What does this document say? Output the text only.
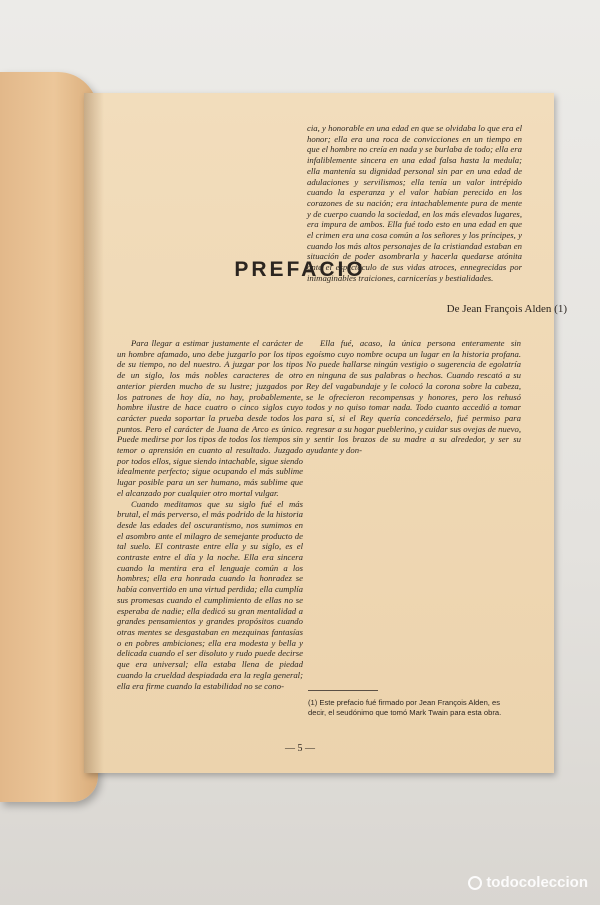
cia, y honorable en una edad en que se olvidaba lo que era el honor; ella era una roca de convicciones en un tiempo en que el hombre no creía en nada y se burlaba de todo; ella era infaliblemente sincera en una edad falsa hasta la medula; ella mantenía su dignidad personal sin par en una edad de adulaciones y servilismos; ella tenía un valor intrépido cuando la esperanza y el valor habían perecido en los corazones de su nación; era intachablemente pura de mente y de cuerpo cuando la sociedad, en los más elevados lugares, era impura de ambos. Ella fué todo esto en una edad en que el crimen era una cosa común a los señores y los príncipes, y cuando los más altos personajes de la cristiandad estaban en situación de poder asombrarla y hacerla quedarse atónita ante el espectáculo de sus vidas atroces, ennegrecidas por inimaginables traiciones, carnicerías y bestialidades.

PREFACIO
De Jean François Alden (1)

Para llegar a estimar justamente el carácter de un hombre afamado, uno debe juzgarlo por los tipos de su tiempo, no del nuestro. A juzgar por los tipos de un siglo, los más nobles caracteres de otro anterior pierden mucho de su lustre; juzgados por los patrones de hoy día, no hay, probablemente, hombre ilustre de hace cuatro o cinco siglos cuyo carácter pueda soportar la prueba desde todos los puntos. Pero el carácter de Juana de Arco es único. Puede medirse por los tipos de todos los tiempos sin temor o aprensión en cuanto al resultado. Juzgado por todos ellos, sigue siendo intachable, sigue siendo idealmente perfecto; sigue ocupando el más sublime lugar posible para un ser humano, más sublime que el alcanzado por cualquier otro mortal vulgar.

Cuando meditamos que su siglo fué el más brutal, el más perverso, el más podrido de la historia desde las edades del oscurantismo, nos sumimos en el asombro ante el milagro de semejante producto de tal suelo. El contraste entre ella y su siglo, es el contraste entre el día y la noche. Ella era sincera cuando la mentira era el lenguaje común a los hombres; ella era honrada cuando la honradez se había convertido en una virtud perdida; ella cumplía sus promesas cuando el cumplimiento de ellas no se esperaba de nadie; ella dedicó su gran mentalidad a grandes pensamientos y grandes propósitos cuando otras mentes se desgastaban en mezquinas fantasías o en pobres ambiciones; ella era modesta y bella y delicada cuando el ser disoluto y rudo puede decirse que era universal; ella estaba llena de piedad cuando la crueldad despiadada era la regla general; ella era firme cuando la estabilidad no se cono-

Ella fué, acaso, la única persona enteramente sin egoísmo cuyo nombre ocupa un lugar en la historia profana. No puede hallarse ningún vestigio o sugerencia de egolatría en ninguna de sus palabras o hechos. Cuando rescató a su Rey del vagabundaje y le colocó la corona sobre la cabeza, se le ofrecieron recompensas y honores, pero los rehusó todos y no quiso tomar nada. Todo cuanto accedió a tomar para sí, si el Rey quería concedérselo, fué permiso para regresar a su hogar pueblerino, y cuidar sus ovejas de nuevo, y sentir los brazos de su madre a su alrededor, y ser su ayudante y don-

(1) Este prefacio fué firmado por Jean François Alden, es decir, el seudónimo que tomó Mark Twain para esta obra.
— 5 —
todocoleccion
